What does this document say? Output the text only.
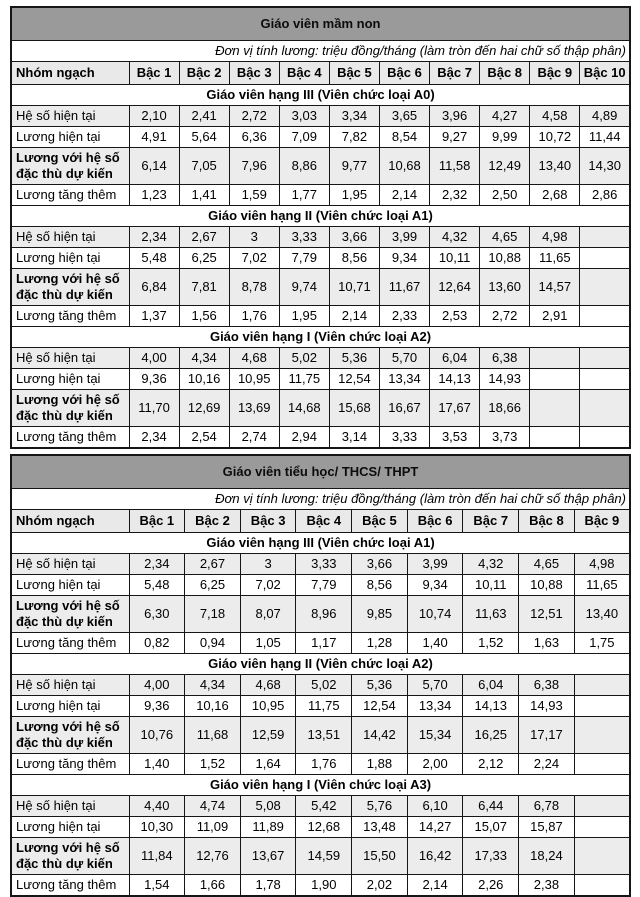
Giáo viên mầm non										
Đơn vị tính lương: triệu đồng/tháng (làm tròn đến hai chữ số thập phân)										
Nhóm ngạch	Bậc 1	Bậc 2	Bậc 3	Bậc 4	Bậc 5	Bậc 6	Bậc 7	Bậc 8	Bậc 9	Bậc 10
Giáo viên hạng III (Viên chức loại A0)										
Hệ số hiện tại	2,10	2,41	2,72	3,03	3,34	3,65	3,96	4,27	4,58	4,89
Lương hiện tại	4,91	5,64	6,36	7,09	7,82	8,54	9,27	9,99	10,72	11,44
Lương với hệ số đặc thù dự kiến	6,14	7,05	7,96	8,86	9,77	10,68	11,58	12,49	13,40	14,30
Lương tăng thêm	1,23	1,41	1,59	1,77	1,95	2,14	2,32	2,50	2,68	2,86
Giáo viên hạng II (Viên chức loại A1)										
Hệ số hiện tại	2,34	2,67	3	3,33	3,66	3,99	4,32	4,65	4,98	
Lương hiện tại	5,48	6,25	7,02	7,79	8,56	9,34	10,11	10,88	11,65	
Lương với hệ số đặc thù dự kiến	6,84	7,81	8,78	9,74	10,71	11,67	12,64	13,60	14,57	
Lương tăng thêm	1,37	1,56	1,76	1,95	2,14	2,33	2,53	2,72	2,91	
Giáo viên hạng I (Viên chức loại A2)										
Hệ số hiện tại	4,00	4,34	4,68	5,02	5,36	5,70	6,04	6,38		
Lương hiện tại	9,36	10,16	10,95	11,75	12,54	13,34	14,13	14,93		
Lương với hệ số đặc thù dự kiến	11,70	12,69	13,69	14,68	15,68	16,67	17,67	18,66		
Lương tăng thêm	2,34	2,54	2,74	2,94	3,14	3,33	3,53	3,73		
Giáo viên tiểu học/ THCS/ THPT									
Đơn vị tính lương: triệu đồng/tháng (làm tròn đến hai chữ số thập phân)									
Nhóm ngạch	Bậc 1	Bậc 2	Bậc 3	Bậc 4	Bậc 5	Bậc 6	Bậc 7	Bậc 8	Bậc 9
Giáo viên hạng III (Viên chức loại A1)									
Hệ số hiện tại	2,34	2,67	3	3,33	3,66	3,99	4,32	4,65	4,98
Lương hiện tại	5,48	6,25	7,02	7,79	8,56	9,34	10,11	10,88	11,65
Lương với hệ số đặc thù dự kiến	6,30	7,18	8,07	8,96	9,85	10,74	11,63	12,51	13,40
Lương tăng thêm	0,82	0,94	1,05	1,17	1,28	1,40	1,52	1,63	1,75
Giáo viên hạng II (Viên chức loại A2)									
Hệ số hiện tại	4,00	4,34	4,68	5,02	5,36	5,70	6,04	6,38	
Lương hiện tại	9,36	10,16	10,95	11,75	12,54	13,34	14,13	14,93	
Lương với hệ số đặc thù dự kiến	10,76	11,68	12,59	13,51	14,42	15,34	16,25	17,17	
Lương tăng thêm	1,40	1,52	1,64	1,76	1,88	2,00	2,12	2,24	
Giáo viên hạng I (Viên chức loại A3)									
Hệ số hiện tại	4,40	4,74	5,08	5,42	5,76	6,10	6,44	6,78	
Lương hiện tại	10,30	11,09	11,89	12,68	13,48	14,27	15,07	15,87	
Lương với hệ số đặc thù dự kiến	11,84	12,76	13,67	14,59	15,50	16,42	17,33	18,24	
Lương tăng thêm	1,54	1,66	1,78	1,90	2,02	2,14	2,26	2,38	
